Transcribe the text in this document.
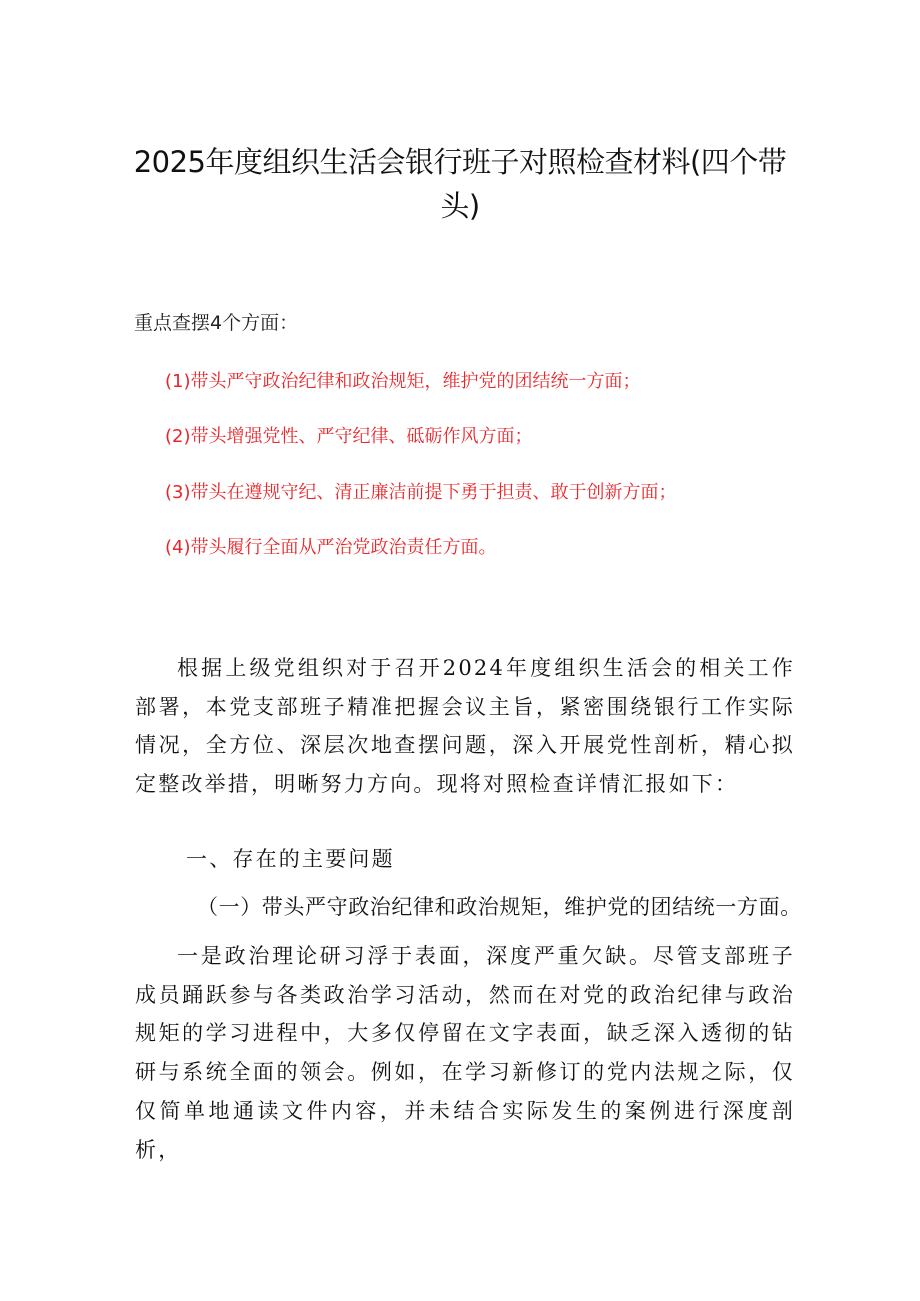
2025年度组织生活会银行班子对照检查材料(四个带头)
重点查摆4个方面：
(1)带头严守政治纪律和政治规矩，维护党的团结统一方面；
(2)带头增强党性、严守纪律、砥砺作风方面；
(3)带头在遵规守纪、清正廉洁前提下勇于担责、敢于创新方面；
(4)带头履行全面从严治党政治责任方面。

根据上级党组织对于召开2024年度组织生活会的相关工作部署，本党支部班子精准把握会议主旨，紧密围绕银行工作实际情况，全方位、深层次地查摆问题，深入开展党性剖析，精心拟定整改举措，明晰努力方向。现将对照检查详情汇报如下：

一、存在的主要问题
（一）带头严守政治纪律和政治规矩，维护党的团结统一方面。

一是政治理论研习浮于表面，深度严重欠缺。尽管支部班子成员踊跃参与各类政治学习活动，然而在对党的政治纪律与政治规矩的学习进程中，大多仅停留在文字表面，缺乏深入透彻的钻研与系统全面的领会。例如，在学习新修订的党内法规之际，仅仅简单地通读文件内容，并未结合实际发生的案例进行深度剖析，
